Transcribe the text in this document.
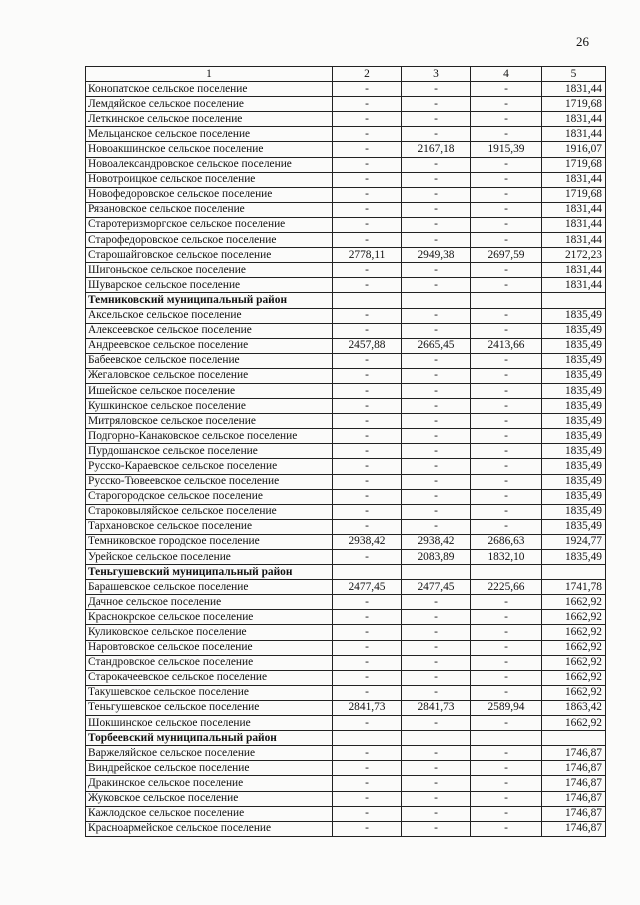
26
1	2	3	4	5
Конопатское сельское поселение	-	-	-	1831,44
Лемдяйское сельское поселение	-	-	-	1719,68
Леткинское сельское поселение	-	-	-	1831,44
Мельцанское сельское поселение	-	-	-	1831,44
Новоакшинское сельское поселение	-	2167,18	1915,39	1916,07
Новоалександровское сельское поселение	-	-	-	1719,68
Новотроицкое сельское поселение	-	-	-	1831,44
Новофедоровское сельское поселение	-	-	-	1719,68
Рязановское сельское поселение	-	-	-	1831,44
Старотеризморгское сельское поселение	-	-	-	1831,44
Старофедоровское сельское поселение	-	-	-	1831,44
Старошайговское сельское поселение	2778,11	2949,38	2697,59	2172,23
Шигоньское сельское поселение	-	-	-	1831,44
Шуварское сельское поселение	-	-	-	1831,44
Темниковский муниципальный район				
Аксельское сельское поселение	-	-	-	1835,49
Алексеевское сельское поселение	-	-	-	1835,49
Андреевское сельское поселение	2457,88	2665,45	2413,66	1835,49
Бабеевское сельское поселение	-	-	-	1835,49
Жегаловское сельское поселение	-	-	-	1835,49
Ишейское сельское поселение	-	-	-	1835,49
Кушкинское сельское поселение	-	-	-	1835,49
Митряловское сельское поселение	-	-	-	1835,49
Подгорно-Канаковское сельское поселение	-	-	-	1835,49
Пурдошанское сельское поселение	-	-	-	1835,49
Русско-Караевское сельское поселение	-	-	-	1835,49
Русско-Тювеевское сельское поселение	-	-	-	1835,49
Старогородское сельское поселение	-	-	-	1835,49
Староковыляйское сельское поселение	-	-	-	1835,49
Тархановское сельское поселение	-	-	-	1835,49
Темниковское городское поселение	2938,42	2938,42	2686,63	1924,77
Урейское сельское поселение	-	2083,89	1832,10	1835,49
Теньгушевский муниципальный район				
Барашевское сельское поселение	2477,45	2477,45	2225,66	1741,78
Дачное сельское поселение	-	-	-	1662,92
Краснокрское сельское поселение	-	-	-	1662,92
Куликовское сельское поселение	-	-	-	1662,92
Наровтовское сельское поселение	-	-	-	1662,92
Стандровское сельское поселение	-	-	-	1662,92
Старокачеевское сельское поселение	-	-	-	1662,92
Такушевское сельское поселение	-	-	-	1662,92
Теньгушевское сельское поселение	2841,73	2841,73	2589,94	1863,42
Шокшинское сельское поселение	-	-	-	1662,92
Торбеевский муниципальный район				
Варжеляйское сельское поселение	-	-	-	1746,87
Виндрейское сельское поселение	-	-	-	1746,87
Дракинское сельское поселение	-	-	-	1746,87
Жуковское сельское поселение	-	-	-	1746,87
Кажлодское сельское поселение	-	-	-	1746,87
Красноармейское сельское поселение	-	-	-	1746,87
